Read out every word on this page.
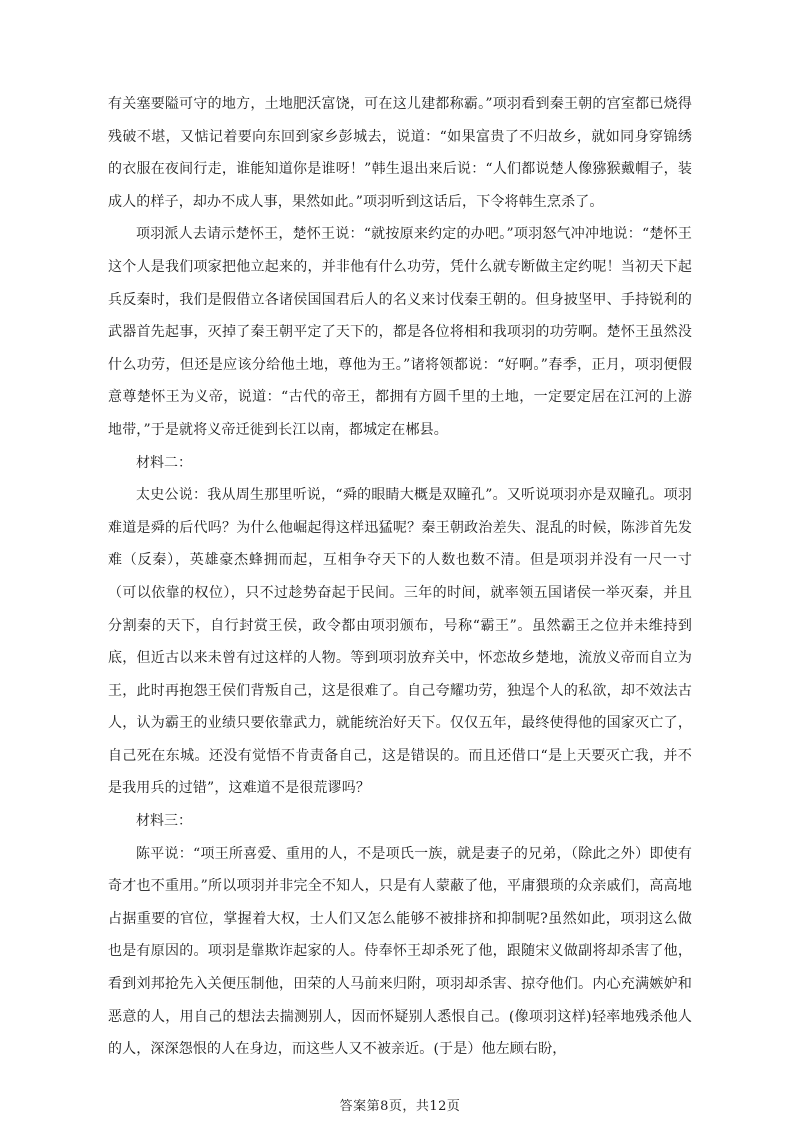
有关塞要隘可守的地方，土地肥沃富饶，可在这儿建都称霸。”项羽看到秦王朝的宫室都已烧得残破不堪，又惦记着要向东回到家乡彭城去，说道：“如果富贵了不归故乡，就如同身穿锦绣的衣服在夜间行走，谁能知道你是谁呀！”韩生退出来后说：“人们都说楚人像猕猴戴帽子，装成人的样子，却办不成人事，果然如此。”项羽听到这话后，下令将韩生烹杀了。

项羽派人去请示楚怀王，楚怀王说：“就按原来约定的办吧。”项羽怒气冲冲地说：“楚怀王这个人是我们项家把他立起来的，并非他有什么功劳，凭什么就专断做主定约呢！当初天下起兵反秦时，我们是假借立各诸侯国国君后人的名义来讨伐秦王朝的。但身披坚甲、手持锐利的武器首先起事，灭掉了秦王朝平定了天下的，都是各位将相和我项羽的功劳啊。楚怀王虽然没什么功劳，但还是应该分给他土地，尊他为王。”诸将领都说：“好啊。”春季，正月，项羽便假意尊楚怀王为义帝，说道：“古代的帝王，都拥有方圆千里的土地，一定要定居在江河的上游地带，”于是就将义帝迁徙到长江以南，都城定在郴县。

材料二：

太史公说：我从周生那里听说，“舜的眼睛大概是双瞳孔”。又听说项羽亦是双瞳孔。项羽难道是舜的后代吗？为什么他崛起得这样迅猛呢？秦王朝政治差失、混乱的时候，陈涉首先发难（反秦），英雄豪杰蜂拥而起，互相争夺天下的人数也数不清。但是项羽并没有一尺一寸（可以依靠的权位），只不过趁势奋起于民间。三年的时间，就率领五国诸侯一举灭秦，并且分割秦的天下，自行封赏王侯，政令都由项羽颁布，号称“霸王”。虽然霸王之位并未维持到底，但近古以来未曾有过这样的人物。等到项羽放弃关中，怀恋故乡楚地，流放义帝而自立为王，此时再抱怨王侯们背叛自己，这是很难了。自己夸耀功劳，独逞个人的私欲，却不效法古人，认为霸王的业绩只要依靠武力，就能统治好天下。仅仅五年，最终使得他的国家灭亡了，自己死在东城。还没有觉悟不肯责备自己，这是错误的。而且还借口“是上天要灭亡我，并不是我用兵的过错”，这难道不是很荒谬吗？

材料三：

陈平说：“项王所喜爱、重用的人，不是项氏一族，就是妻子的兄弟，（除此之外）即使有奇才也不重用。”所以项羽并非完全不知人，只是有人蒙蔽了他，平庸猥琐的众亲戚们，高高地占据重要的官位，掌握着大权，士人们又怎么能够不被排挤和抑制呢?虽然如此，项羽这么做也是有原因的。项羽是靠欺诈起家的人。侍奉怀王却杀死了他，跟随宋义做副将却杀害了他，看到刘邦抢先入关便压制他，田荣的人马前来归附，项羽却杀害、掠夺他们。内心充满嫉妒和恶意的人，用自己的想法去揣测别人，因而怀疑别人悉恨自己。(像项羽这样)轻率地残杀他人的人，深深怨恨的人在身边，而这些人又不被亲近。(于是）他左顾右盼，

答案第8页，共12页
